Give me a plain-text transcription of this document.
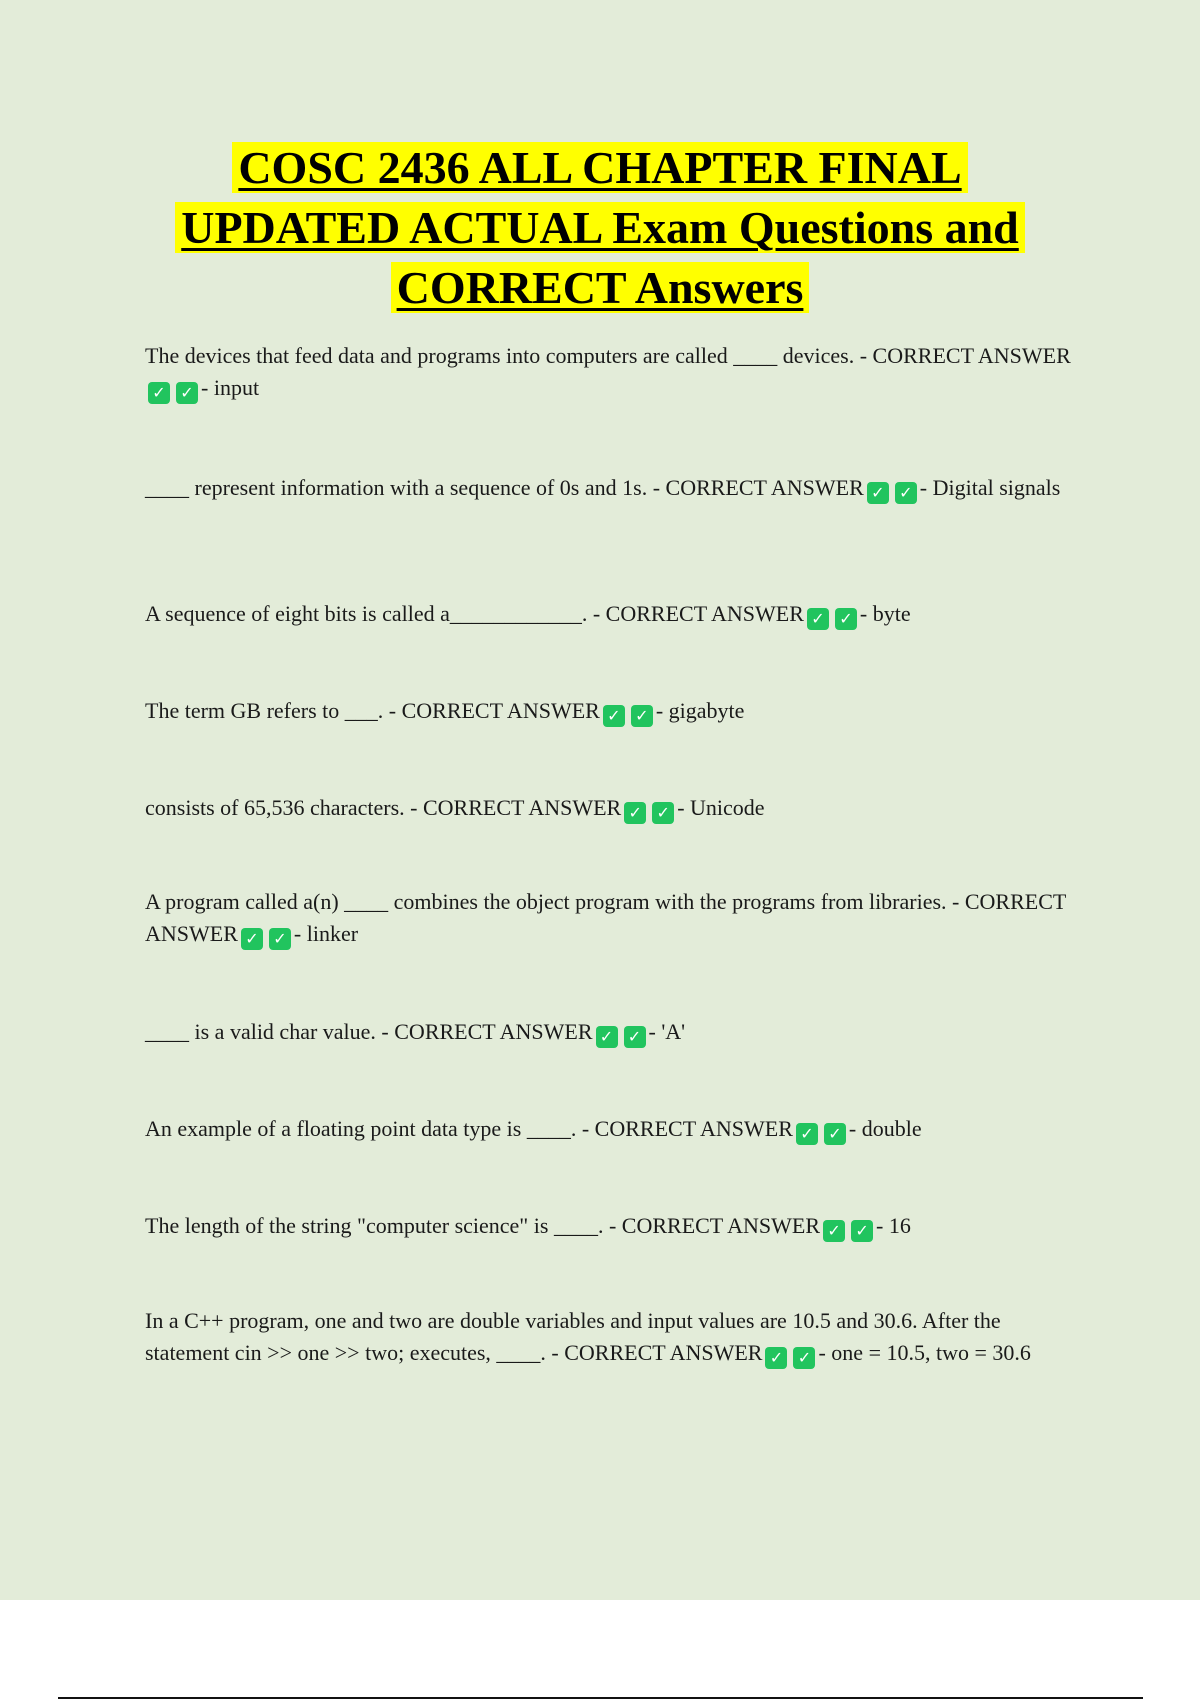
COSC 2436 ALL CHAPTER FINAL
UPDATED ACTUAL Exam Questions and
CORRECT Answers

The devices that feed data and programs into computers are called ____ devices. - CORRECT ANSWER✓ ✓ - input

____ represent information with a sequence of 0s and 1s. - CORRECT ANSWER ✓ ✓ - Digital signals

A sequence of eight bits is called a____________. - CORRECT ANSWER ✓ ✓ - byte

The term GB refers to ___. - CORRECT ANSWER ✓ ✓ - gigabyte

consists of 65,536 characters. - CORRECT ANSWER ✓ ✓ - Unicode

A program called a(n) ____ combines the object program with the programs from libraries. - CORRECT ANSWER ✓ ✓ - linker

____ is a valid char value. - CORRECT ANSWER ✓ ✓ - 'A'

An example of a floating point data type is ____. - CORRECT ANSWER ✓ ✓ - double

The length of the string "computer science" is ____. - CORRECT ANSWER ✓ ✓ - 16

In a C++ program, one and two are double variables and input values are 10.5 and 30.6. After the statement cin >> one >> two; executes, ____. - CORRECT ANSWER ✓ ✓ - one = 10.5, two = 30.6
